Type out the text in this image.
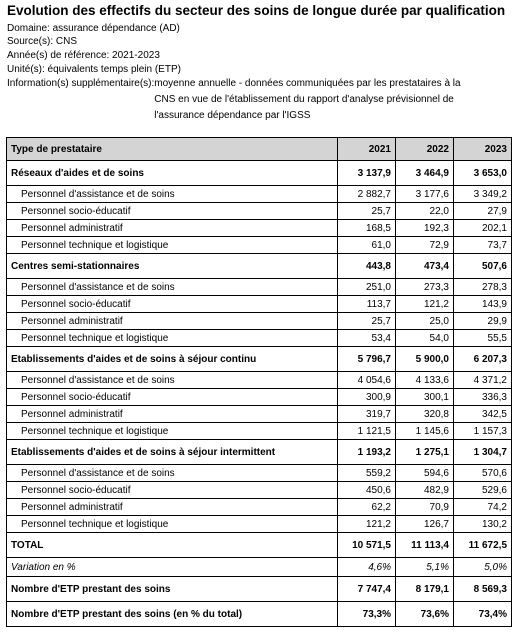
Evolution des effectifs du secteur des soins de longue durée par qualification
Domaine: assurance dépendance (AD)
Source(s): CNS
Année(s) de référence: 2021-2023
Unité(s): équivalents temps plein (ETP)
Information(s) supplémentaire(s): moyenne annuelle - données communiquées par les prestataires à la CNS en vue de l'établissement du rapport d'analyse prévisionnel de l'assurance dépendance par l'IGSS
Type de prestataire	2021	2022	2023
Réseaux d'aides et de soins	3 137,9	3 464,9	3 653,0
Personnel d'assistance et de soins	2 882,7	3 177,6	3 349,2
Personnel socio-éducatif	25,7	22,0	27,9
Personnel administratif	168,5	192,3	202,1
Personnel technique et logistique	61,0	72,9	73,7
Centres semi-stationnaires	443,8	473,4	507,6
Personnel d'assistance et de soins	251,0	273,3	278,3
Personnel socio-éducatif	113,7	121,2	143,9
Personnel administratif	25,7	25,0	29,9
Personnel technique et logistique	53,4	54,0	55,5
Etablissements d'aides et de soins à séjour continu	5 796,7	5 900,0	6 207,3
Personnel d'assistance et de soins	4 054,6	4 133,6	4 371,2
Personnel socio-éducatif	300,9	300,1	336,3
Personnel administratif	319,7	320,8	342,5
Personnel technique et logistique	1 121,5	1 145,6	1 157,3
Etablissements d'aides et de soins à séjour intermittent	1 193,2	1 275,1	1 304,7
Personnel d'assistance et de soins	559,2	594,6	570,6
Personnel socio-éducatif	450,6	482,9	529,6
Personnel administratif	62,2	70,9	74,2
Personnel technique et logistique	121,2	126,7	130,2
TOTAL	10 571,5	11 113,4	11 672,5
Variation en %	4,6%	5,1%	5,0%
Nombre d'ETP prestant des soins	7 747,4	8 179,1	8 569,3
Nombre d'ETP prestant des soins (en % du total)	73,3%	73,6%	73,4%
